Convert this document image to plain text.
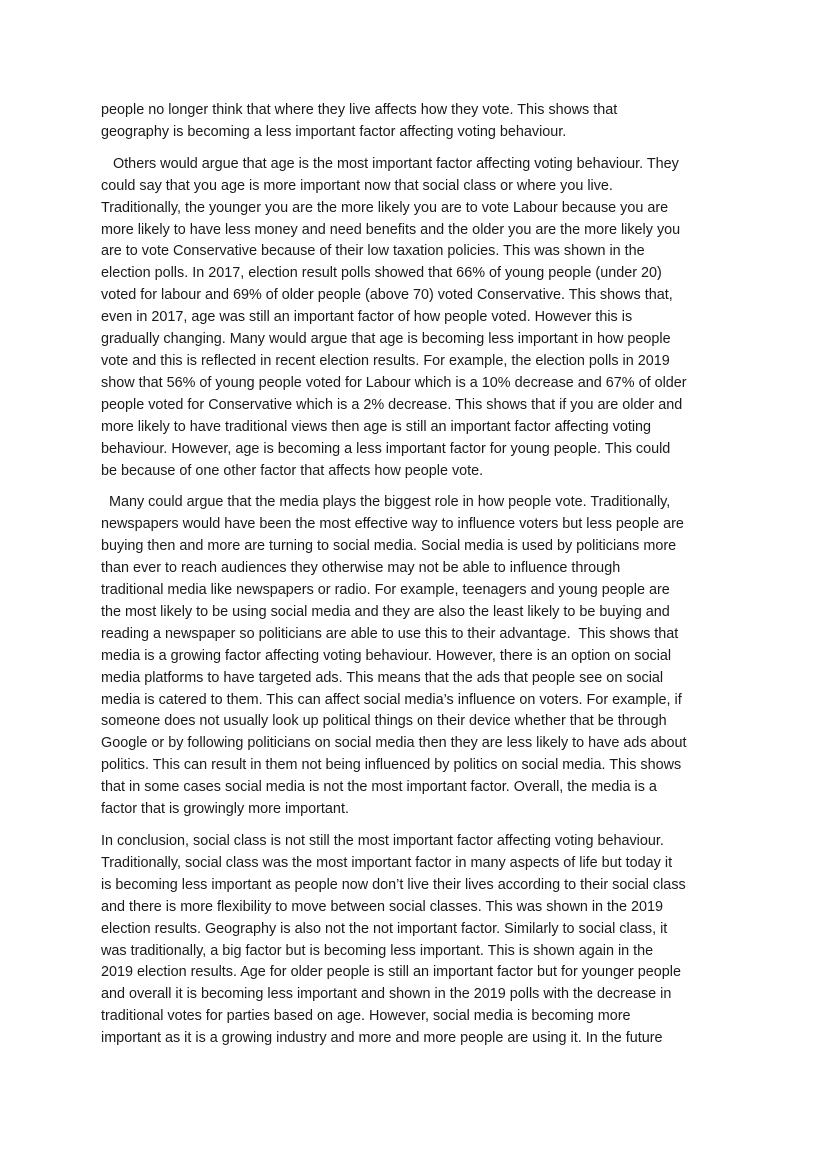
people no longer think that where they live affects how they vote. This shows that
geography is becoming a less important factor affecting voting behaviour.
Others would argue that age is the most important factor affecting voting behaviour. They
could say that you age is more important now that social class or where you live.
Traditionally, the younger you are the more likely you are to vote Labour because you are
more likely to have less money and need benefits and the older you are the more likely you
are to vote Conservative because of their low taxation policies. This was shown in the
election polls. In 2017, election result polls showed that 66% of young people (under 20)
voted for labour and 69% of older people (above 70) voted Conservative. This shows that,
even in 2017, age was still an important factor of how people voted. However this is
gradually changing. Many would argue that age is becoming less important in how people
vote and this is reflected in recent election results. For example, the election polls in 2019
show that 56% of young people voted for Labour which is a 10% decrease and 67% of older
people voted for Conservative which is a 2% decrease. This shows that if you are older and
more likely to have traditional views then age is still an important factor affecting voting
behaviour. However, age is becoming a less important factor for young people. This could
be because of one other factor that affects how people vote.
Many could argue that the media plays the biggest role in how people vote. Traditionally,
newspapers would have been the most effective way to influence voters but less people are
buying then and more are turning to social media. Social media is used by politicians more
than ever to reach audiences they otherwise may not be able to influence through
traditional media like newspapers or radio. For example, teenagers and young people are
the most likely to be using social media and they are also the least likely to be buying and
reading a newspaper so politicians are able to use this to their advantage.  This shows that
media is a growing factor affecting voting behaviour. However, there is an option on social
media platforms to have targeted ads. This means that the ads that people see on social
media is catered to them. This can affect social media’s influence on voters. For example, if
someone does not usually look up political things on their device whether that be through
Google or by following politicians on social media then they are less likely to have ads about
politics. This can result in them not being influenced by politics on social media. This shows
that in some cases social media is not the most important factor. Overall, the media is a
factor that is growingly more important.
In conclusion, social class is not still the most important factor affecting voting behaviour.
Traditionally, social class was the most important factor in many aspects of life but today it
is becoming less important as people now don’t live their lives according to their social class
and there is more flexibility to move between social classes. This was shown in the 2019
election results. Geography is also not the not important factor. Similarly to social class, it
was traditionally, a big factor but is becoming less important. This is shown again in the
2019 election results. Age for older people is still an important factor but for younger people
and overall it is becoming less important and shown in the 2019 polls with the decrease in
traditional votes for parties based on age. However, social media is becoming more
important as it is a growing industry and more and more people are using it. In the future
